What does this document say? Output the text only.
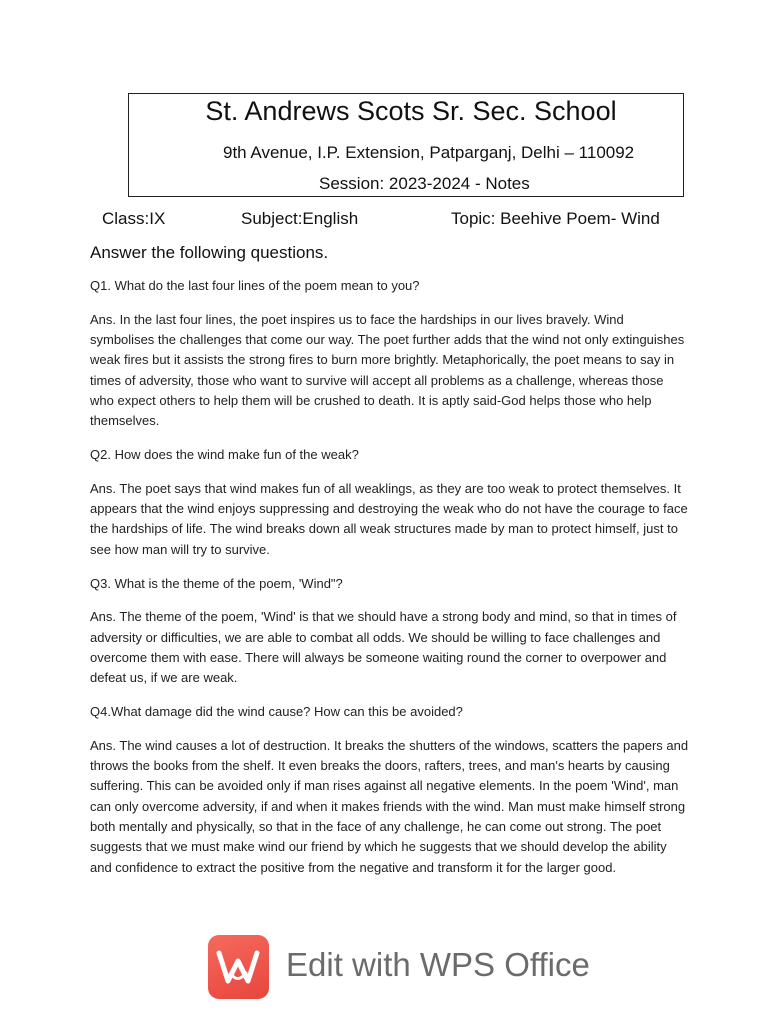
St. Andrews Scots Sr. Sec. School
9th Avenue, I.P. Extension, Patparganj, Delhi – 110092
Session: 2023-2024 - Notes
Class:IX	Subject:English	Topic: Beehive Poem- Wind
Answer the following questions.

Q1. What do the last four lines of the poem mean to you?

Ans. In the last four lines, the poet inspires us to face the hardships in our lives bravely. Wind symbolises the challenges that come our way. The poet further adds that the wind not only extinguishes weak fires but it assists the strong fires to burn more brightly. Metaphorically, the poet means to say in times of adversity, those who want to survive will accept all problems as a challenge, whereas those who expect others to help them will be crushed to death. It is aptly said-God helps those who help themselves.

Q2. How does the wind make fun of the weak?

Ans. The poet says that wind makes fun of all weaklings, as they are too weak to protect themselves. It appears that the wind enjoys suppressing and destroying the weak who do not have the courage to face the hardships of life. The wind breaks down all weak structures made by man to protect himself, just to see how man will try to survive.

Q3. What is the theme of the poem, 'Wind"?

Ans. The theme of the poem, 'Wind' is that we should have a strong body and mind, so that in times of adversity or difficulties, we are able to combat all odds. We should be willing to face challenges and overcome them with ease. There will always be someone waiting round the corner to overpower and defeat us, if we are weak.

Q4.What damage did the wind cause? How can this be avoided?

Ans. The wind causes a lot of destruction. It breaks the shutters of the windows, scatters the papers and throws the books from the shelf. It even breaks the doors, rafters, trees, and man's hearts by causing suffering. This can be avoided only if man rises against all negative elements. In the poem 'Wind', man can only overcome adversity, if and when it makes friends with the wind. Man must make himself strong both mentally and physically, so that in the face of any challenge, he can come out strong. The poet suggests that we must make wind our friend by which he suggests that we should develop the ability and confidence to extract the positive from the negative and transform it for the larger good.

Edit with WPS Office
